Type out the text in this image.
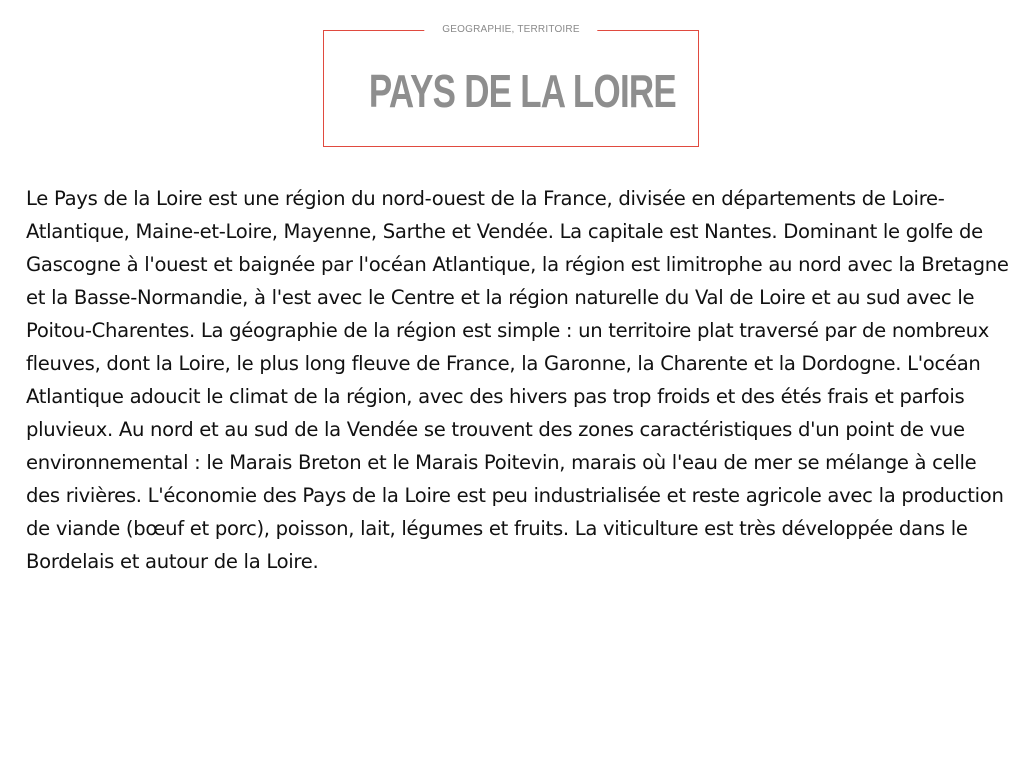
GEOGRAPHIE, TERRITOIRE
PAYS DE LA LOIRE

Le Pays de la Loire est une région du nord-ouest de la France, divisée en départements de Loire-Atlantique, Maine-et-Loire, Mayenne, Sarthe et Vendée. La capitale est Nantes. Dominant le golfe de Gascogne à l'ouest et baignée par l'océan Atlantique, la région est limitrophe au nord avec la Bretagne et la Basse-Normandie, à l'est avec le Centre et la région naturelle du Val de Loire et au sud avec le Poitou-Charentes. La géographie de la région est simple : un territoire plat traversé par de nombreux fleuves, dont la Loire, le plus long fleuve de France, la Garonne, la Charente et la Dordogne. L'océan Atlantique adoucit le climat de la région, avec des hivers pas trop froids et des étés frais et parfois pluvieux. Au nord et au sud de la Vendée se trouvent des zones caractéristiques d'un point de vue environnemental : le Marais Breton et le Marais Poitevin, marais où l'eau de mer se mélange à celle des rivières. L'économie des Pays de la Loire est peu industrialisée et reste agricole avec la production de viande (bœuf et porc), poisson, lait, légumes et fruits. La viticulture est très développée dans le Bordelais et autour de la Loire.
